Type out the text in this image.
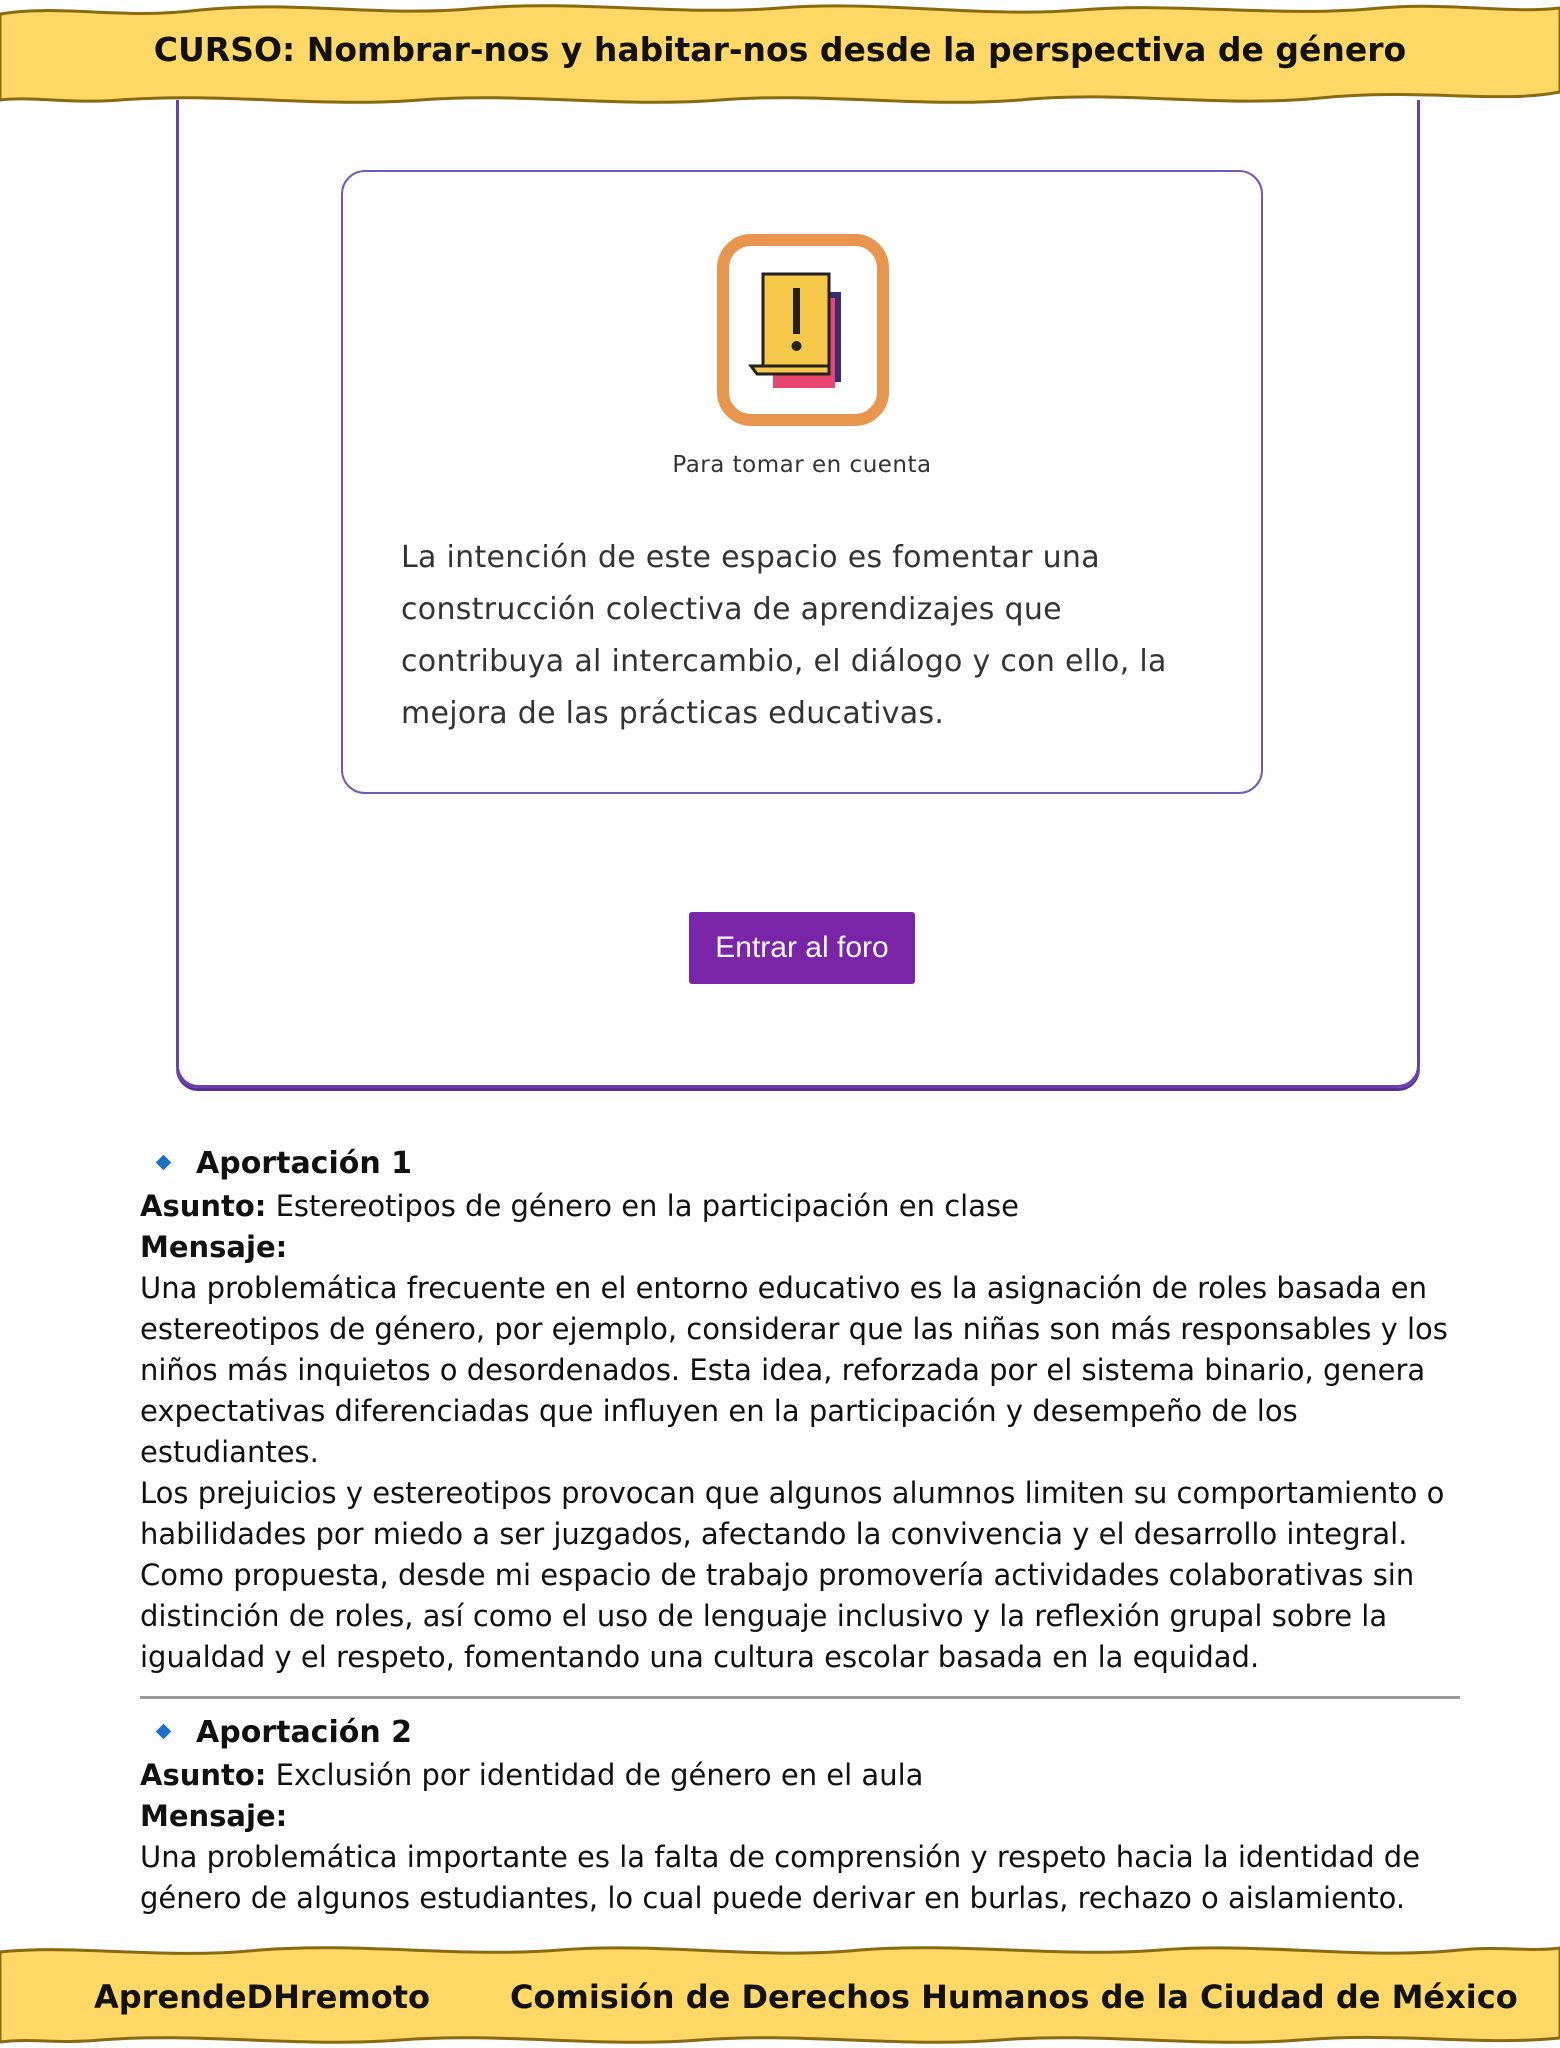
CURSO: Nombrar-nos y habitar-nos desde la perspectiva de género
Para tomar en cuenta
La intención de este espacio es fomentar una construcción colectiva de aprendizajes que contribuya al intercambio, el diálogo y con ello, la mejora de las prácticas educativas.
Entrar al foro
Aportación 1
Asunto: Estereotipos de género en la participación en clase
Mensaje:
Una problemática frecuente en el entorno educativo es la asignación de roles basada en estereotipos de género, por ejemplo, considerar que las niñas son más responsables y los niños más inquietos o desordenados. Esta idea, reforzada por el sistema binario, genera expectativas diferenciadas que influyen en la participación y desempeño de los estudiantes.
Los prejuicios y estereotipos provocan que algunos alumnos limiten su comportamiento o habilidades por miedo a ser juzgados, afectando la convivencia y el desarrollo integral. Como propuesta, desde mi espacio de trabajo promovería actividades colaborativas sin distinción de roles, así como el uso de lenguaje inclusivo y la reflexión grupal sobre la igualdad y el respeto, fomentando una cultura escolar basada en la equidad.
Aportación 2
Asunto: Exclusión por identidad de género en el aula
Mensaje:
Una problemática importante es la falta de comprensión y respeto hacia la identidad de género de algunos estudiantes, lo cual puede derivar en burlas, rechazo o aislamiento.
AprendeDHremoto	Comisión de Derechos Humanos de la Ciudad de México
